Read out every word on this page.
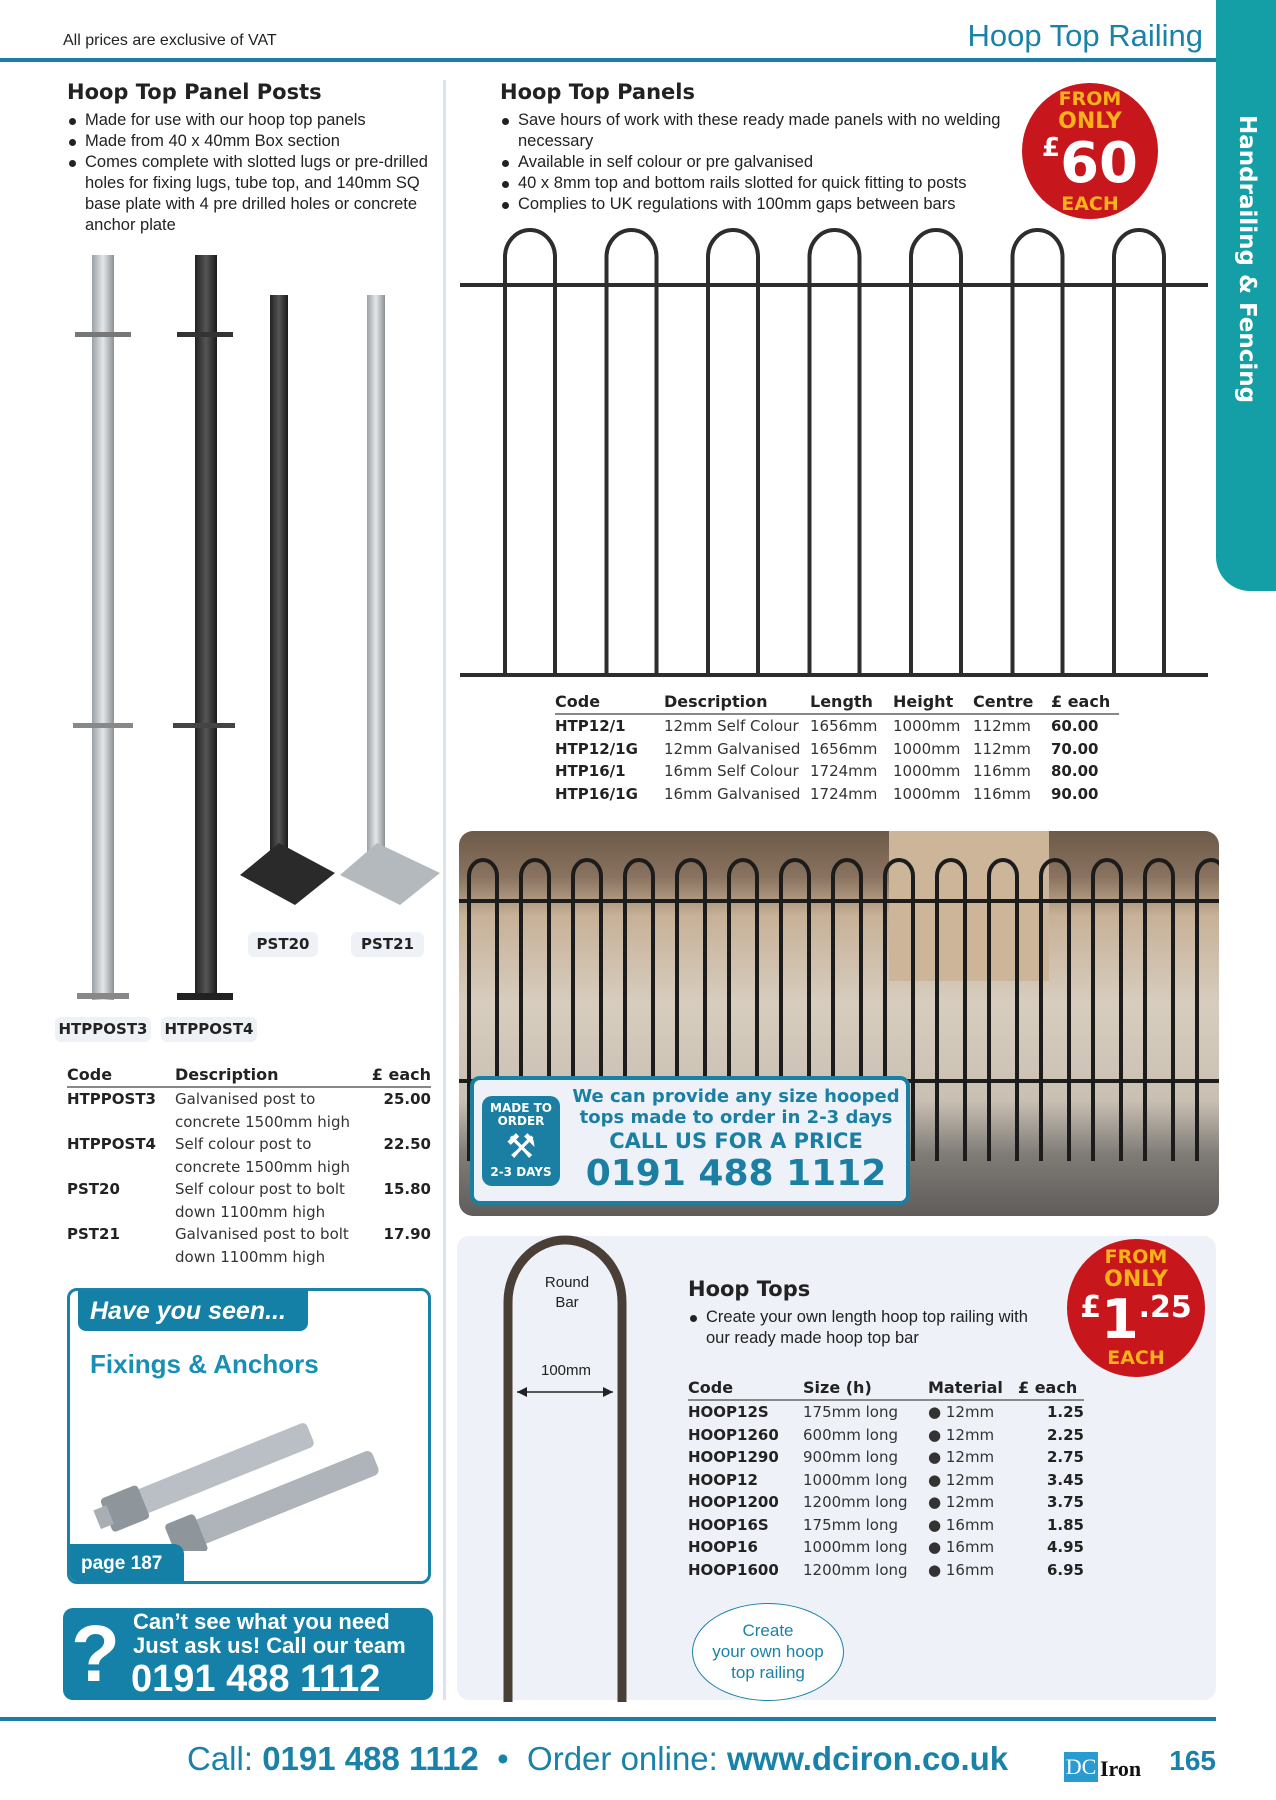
All prices are exclusive of VAT	Hoop Top Railing
Handrailing & Fencing
Hoop Top Panel Posts
Made for use with our hoop top panels
Made from 40 x 40mm Box section
Comes complete with slotted lugs or pre-drilled holes for fixing lugs, tube top, and 140mm SQ base plate with 4 pre drilled holes or concrete anchor plate
PST20	PST21
HTPPOST3 HTPPOST4
Code	Description	£ each
HTPPOST3	Galvanised post to concrete 1500mm high	25.00
HTPPOST4	Self colour post to concrete 1500mm high	22.50
PST20	Self colour post to bolt down 1100mm high	15.80
PST21	Galvanised post to bolt down 1100mm high	17.90
Have you seen...
Fixings & Anchors
page 187
? Can’t see what you need
Just ask us! Call our team
0191 488 1112
Hoop Top Panels
Save hours of work with these ready made panels with no welding necessary
Available in self colour or pre galvanised
40 x 8mm top and bottom rails slotted for quick fitting to posts
Complies to UK regulations with 100mm gaps between bars
FROM
ONLY
£60
EACH
Code	Description	Length	Height	Centre	£ each
HTP12/1	12mm Self Colour	1656mm	1000mm	112mm	60.00
HTP12/1G	12mm Galvanised	1656mm	1000mm	112mm	70.00
HTP16/1	16mm Self Colour	1724mm	1000mm	116mm	80.00
HTP16/1G	16mm Galvanised	1724mm	1000mm	116mm	90.00
MADE TO
ORDER
⚒
2-3 DAYS
We can provide any size hooped
tops made to order in 2-3 days
CALL US FOR A PRICE
0191 488 1112
Round
Bar
100mm
Hoop Tops
Create your own length hoop top railing with our ready made hoop top bar
FROM
ONLY
£1.25
EACH
Code	Size (h)	Material	£ each
HOOP12S	175mm long	● 12mm	1.25
HOOP1260	600mm long	● 12mm	2.25
HOOP1290	900mm long	● 12mm	2.75
HOOP12	1000mm long	● 12mm	3.45
HOOP1200	1200mm long	● 12mm	3.75
HOOP16S	175mm long	● 16mm	1.85
HOOP16	1000mm long	● 16mm	4.95
HOOP1600	1200mm long	● 16mm	6.95
Create
your own hoop
top railing
Call: 0191 488 1112 • Order online: www.dciron.co.uk	DC Iron 165
